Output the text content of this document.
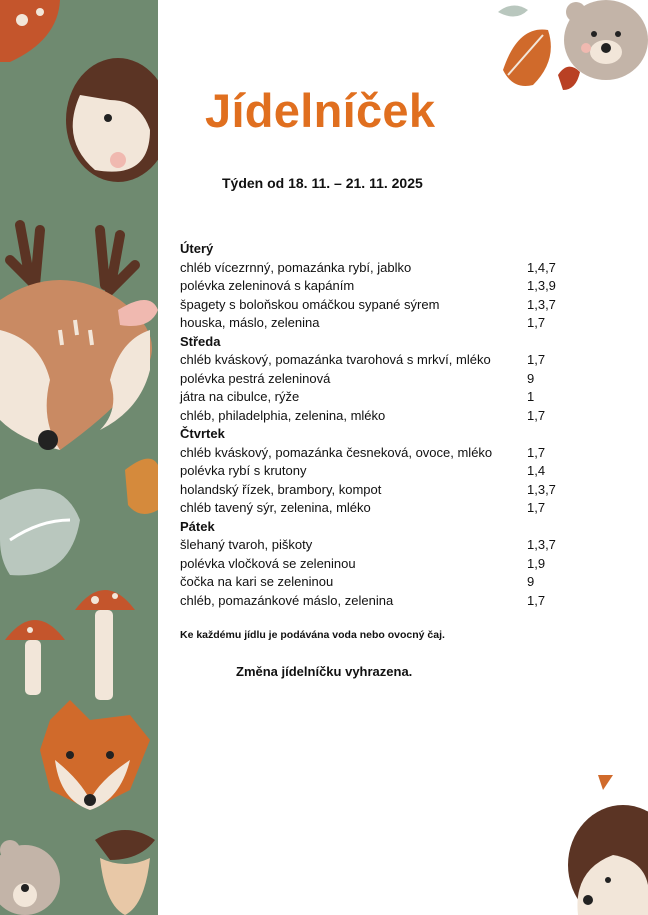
Jídelníček
Týden od 18. 11. – 21. 11. 2025
Úterý
chléb vícezrnný, pomazánka rybí, jablko	1,4,7
polévka zeleninová s kapáním	1,3,9
špagety s boloňskou omáčkou sypané sýrem	1,3,7
houska, máslo, zelenina	1,7
Středa
chléb kváskový, pomazánka tvarohová s mrkví, mléko	1,7
polévka pestrá zeleninová	9
játra na cibulce, rýže	1
chléb, philadelphia, zelenina, mléko	1,7
Čtvrtek
chléb kváskový, pomazánka česneková, ovoce, mléko	1,7
polévka rybí s krutony	1,4
holandský řízek, brambory, kompot	1,3,7
chléb tavený sýr, zelenina, mléko	1,7
Pátek
šlehaný tvaroh, piškoty	1,3,7
polévka vločková se zeleninou	1,9
čočka na kari se zeleninou	9
chléb, pomazánkové máslo, zelenina	1,7
Ke každému jídlu je podávána voda nebo ovocný čaj.
Změna jídelníčku vyhrazena.
